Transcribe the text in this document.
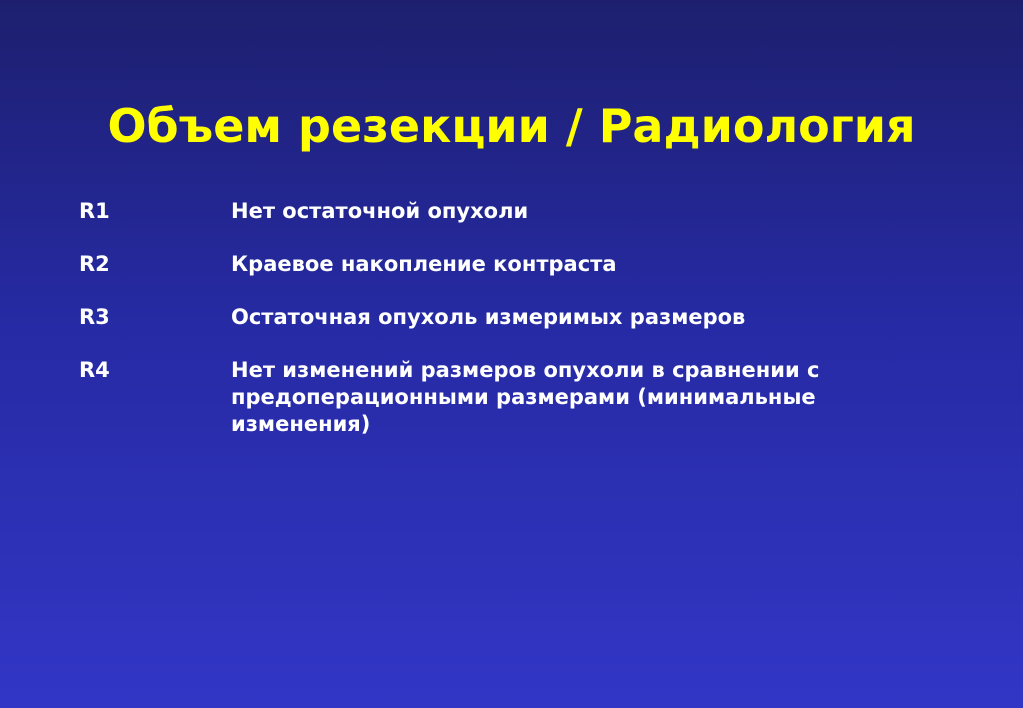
Объем резекции / Радиология
R1	Нет остаточной опухоли
R2	Краевое накопление контраста
R3	Остаточная опухоль измеримых размеров
R4	Нет изменений размеров опухоли в сравнении с предоперационными размерами (минимальные изменения)
